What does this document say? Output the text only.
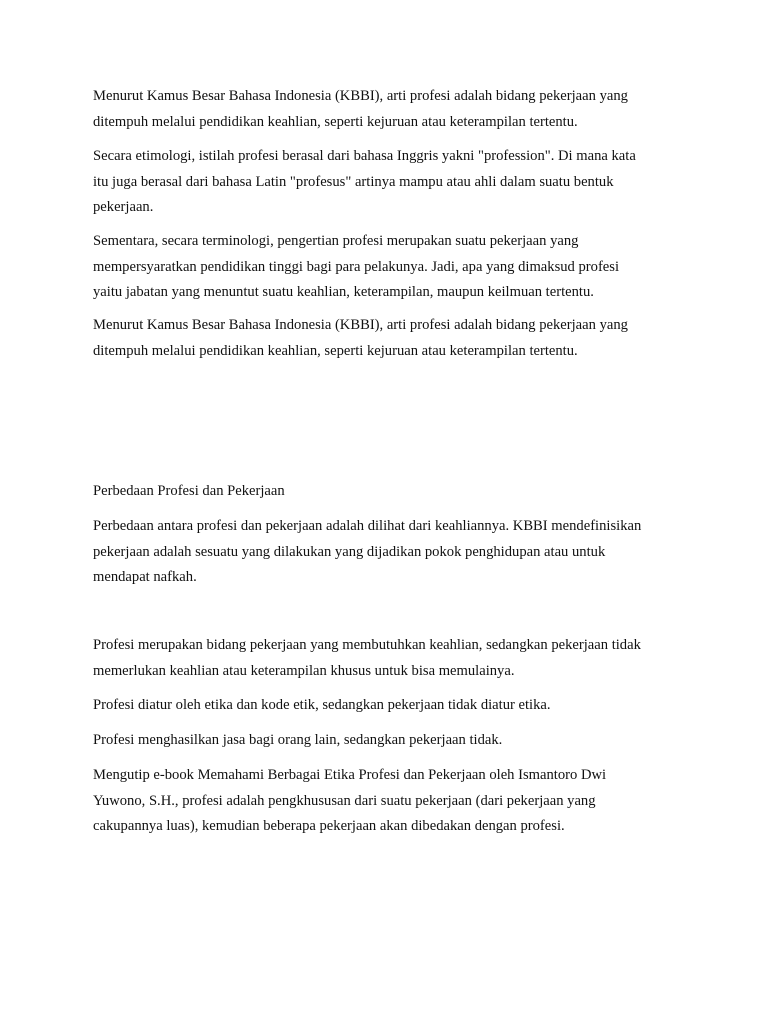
Menurut Kamus Besar Bahasa Indonesia (KBBI), arti profesi adalah bidang pekerjaan yang
ditempuh melalui pendidikan keahlian, seperti kejuruan atau keterampilan tertentu.
Secara etimologi, istilah profesi berasal dari bahasa Inggris yakni "profession". Di mana kata
itu juga berasal dari bahasa Latin "profesus" artinya mampu atau ahli dalam suatu bentuk
pekerjaan.
Sementara, secara terminologi, pengertian profesi merupakan suatu pekerjaan yang
mempersyaratkan pendidikan tinggi bagi para pelakunya. Jadi, apa yang dimaksud profesi
yaitu jabatan yang menuntut suatu keahlian, keterampilan, maupun keilmuan tertentu.
Menurut Kamus Besar Bahasa Indonesia (KBBI), arti profesi adalah bidang pekerjaan yang
ditempuh melalui pendidikan keahlian, seperti kejuruan atau keterampilan tertentu.
Perbedaan Profesi dan Pekerjaan
Perbedaan antara profesi dan pekerjaan adalah dilihat dari keahliannya. KBBI mendefinisikan
pekerjaan adalah sesuatu yang dilakukan yang dijadikan pokok penghidupan atau untuk
mendapat nafkah.
Profesi merupakan bidang pekerjaan yang membutuhkan keahlian, sedangkan pekerjaan tidak
memerlukan keahlian atau keterampilan khusus untuk bisa memulainya.
Profesi diatur oleh etika dan kode etik, sedangkan pekerjaan tidak diatur etika.
Profesi menghasilkan jasa bagi orang lain, sedangkan pekerjaan tidak.
Mengutip e-book Memahami Berbagai Etika Profesi dan Pekerjaan oleh Ismantoro Dwi
Yuwono, S.H., profesi adalah pengkhususan dari suatu pekerjaan (dari pekerjaan yang
cakupannya luas), kemudian beberapa pekerjaan akan dibedakan dengan profesi.
